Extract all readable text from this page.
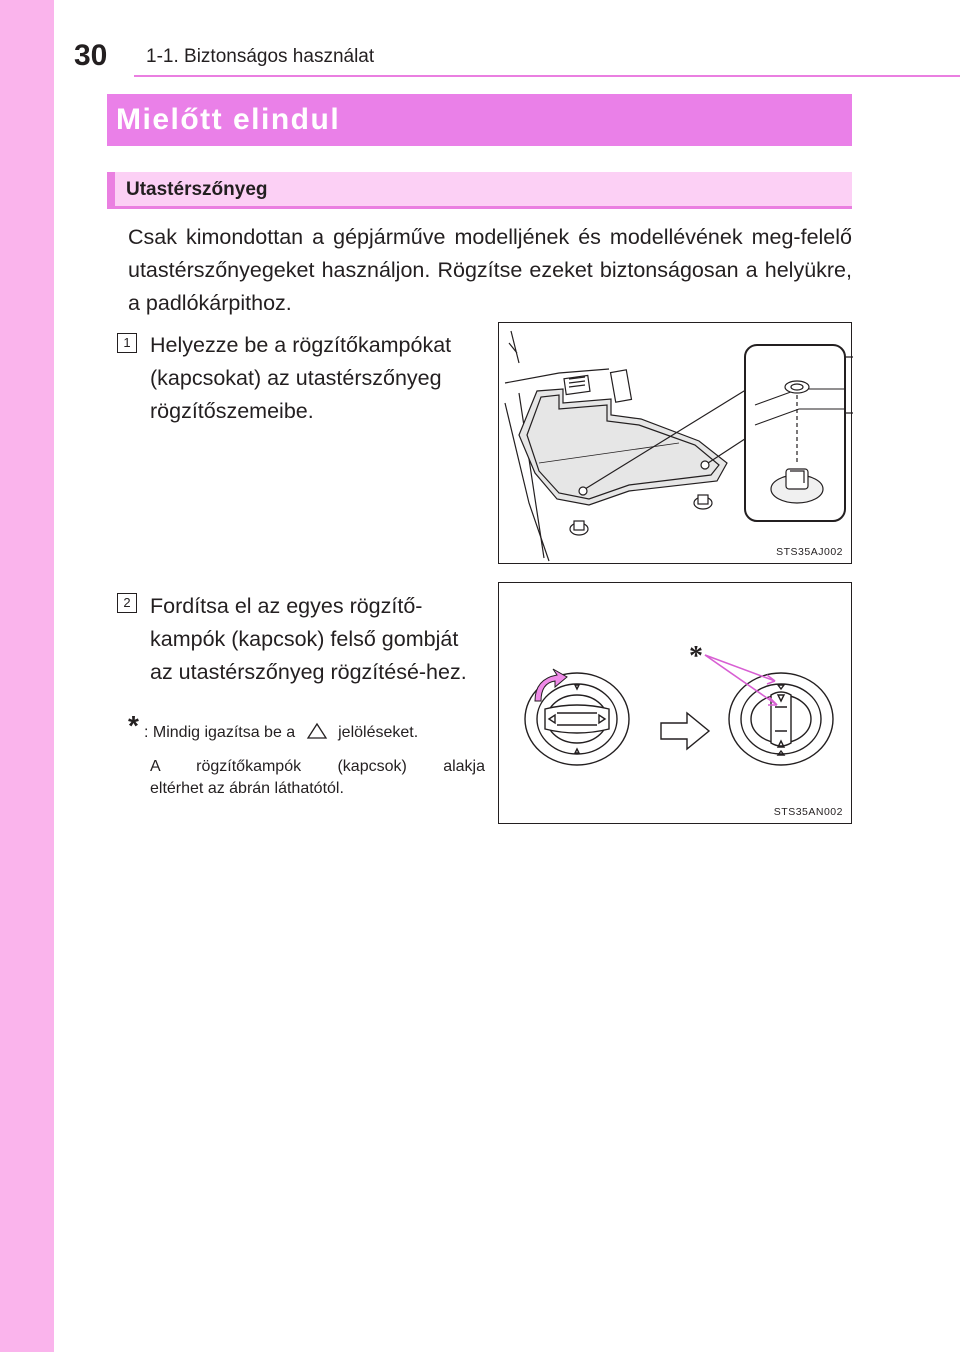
30 1-1. Biztonságos használat
Mielőtt elindul
Utastérszőnyeg
Csak kimondottan a gépjárműve modelljének és modellévének meg-felelő utastérszőnyegeket használjon. Rögzítse ezeket biztonságosan a helyükre, a padlókárpithoz.
1 Helyezze be a rögzítőkampókat (kapcsokat) az utastérszőnyeg rögzítőszemeibe.
STS35AJ002
2 Fordítsa el az egyes rögzítő-kampók (kapcsok) felső gombját az utastérszőnyeg rögzítésé-hez.
* : Mindig igazítsa be a	jelöléseket.
A rögzítőkampók (kapcsok) alakja
eltérhet az ábrán láthatótól.
*
STS35AN002
